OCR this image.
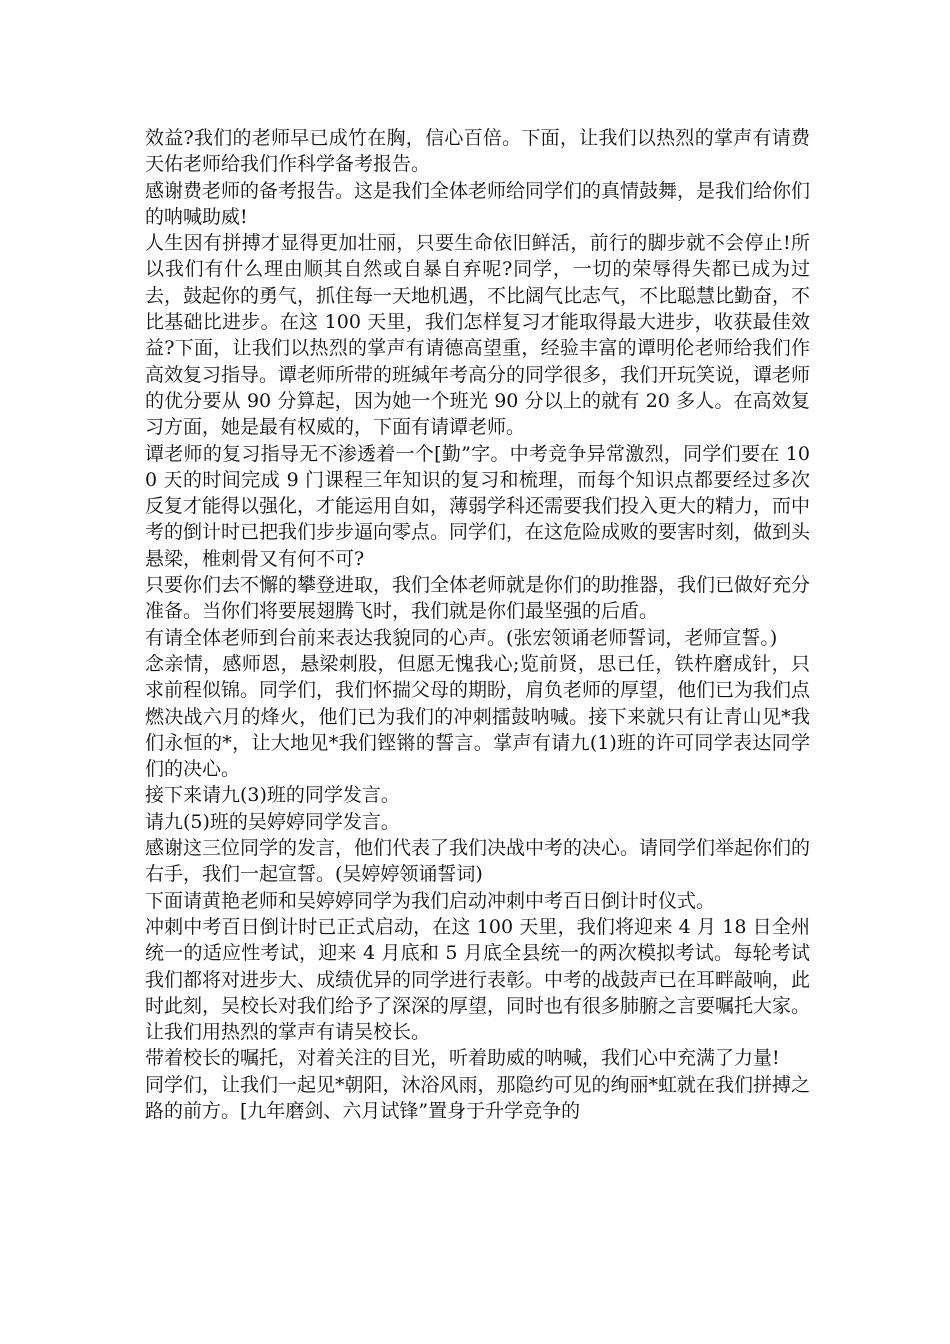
效益?我们的老师早已成竹在胸，信心百倍。下面，让我们以热烈的掌声有请费天佑老师给我们作科学备考报告。

感谢费老师的备考报告。这是我们全体老师给同学们的真情鼓舞，是我们给你们的呐喊助威!

人生因有拼搏才显得更加壮丽，只要生命依旧鲜活，前行的脚步就不会停止!所以我们有什么理由顺其自然或自暴自弃呢?同学，一切的荣辱得失都已成为过去，鼓起你的勇气，抓住每一天地机遇，不比阔气比志气，不比聪慧比勤奋，不比基础比进步。在这 100 天里，我们怎样复习才能取得最大进步，收获最佳效益?下面，让我们以热烈的掌声有请德高望重，经验丰富的谭明伦老师给我们作高效复习指导。谭老师所带的班缄年考高分的同学很多，我们开玩笑说，谭老师的优分要从 90 分算起，因为她一个班光 90 分以上的就有 20 多人。在高效复习方面，她是最有权威的，下面有请谭老师。

谭老师的复习指导无不渗透着一个[勤”字。中考竞争异常激烈，同学们要在 100 天的时间完成 9 门课程三年知识的复习和梳理，而每个知识点都要经过多次反复才能得以强化，才能运用自如，薄弱学科还需要我们投入更大的精力，而中考的倒计时已把我们步步逼向零点。同学们，在这危险成败的要害时刻，做到头悬梁，椎刺骨又有何不可?

只要你们去不懈的攀登进取，我们全体老师就是你们的助推器，我们已做好充分准备。当你们将要展翅腾飞时，我们就是你们最坚强的后盾。

有请全体老师到台前来表达我貌同的心声。(张宏领诵老师誓词，老师宣誓。)

念亲情，感师恩，悬梁刺股，但愿无愧我心;览前贤，思已任，铁杵磨成针，只求前程似锦。同学们，我们怀揣父母的期盼，肩负老师的厚望，他们已为我们点燃决战六月的烽火，他们已为我们的冲刺擂鼓呐喊。接下来就只有让青山见*我们永恒的*，让大地见*我们铿锵的誓言。掌声有请九(1)班的许可同学表达同学们的决心。

接下来请九(3)班的同学发言。

请九(5)班的吴婷婷同学发言。

感谢这三位同学的发言，他们代表了我们决战中考的决心。请同学们举起你们的右手，我们一起宣誓。(吴婷婷领诵誓词)

下面请黄艳老师和吴婷婷同学为我们启动冲刺中考百日倒计时仪式。

冲刺中考百日倒计时已正式启动，在这 100 天里，我们将迎来 4 月 18 日全州统一的适应性考试，迎来 4 月底和 5 月底全县统一的两次模拟考试。每轮考试我们都将对进步大、成绩优异的同学进行表彰。中考的战鼓声已在耳畔敲响，此时此刻，吴校长对我们给予了深深的厚望，同时也有很多肺腑之言要嘱托大家。让我们用热烈的掌声有请吴校长。

带着校长的嘱托，对着关注的目光，听着助威的呐喊，我们心中充满了力量!

同学们，让我们一起见*朝阳，沐浴风雨，那隐约可见的绚丽*虹就在我们拼搏之路的前方。[九年磨剑、六月试锋”置身于升学竞争的
